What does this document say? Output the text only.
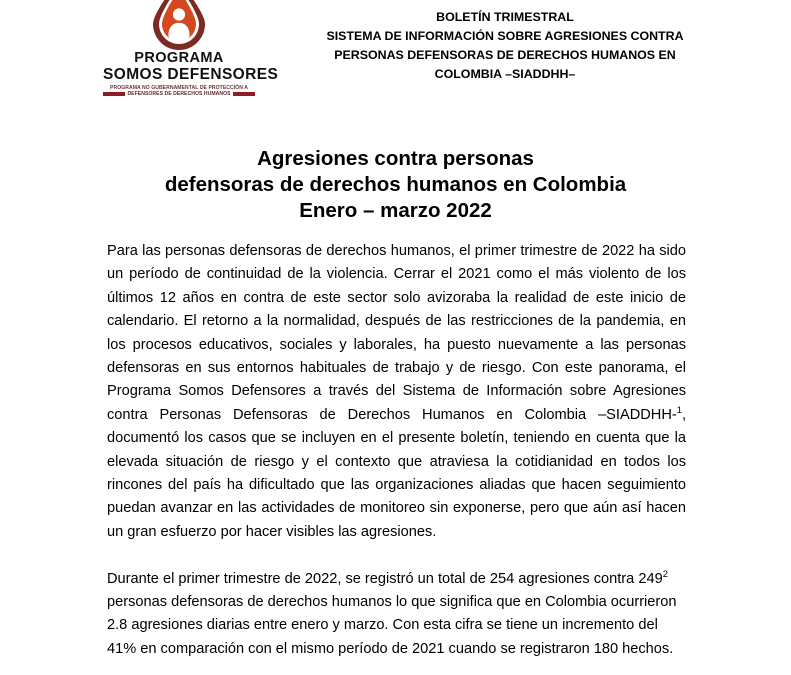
PROGRAMA
SOMOS DEFENSORES
PROGRAMA NO GUBERNAMENTAL DE PROTECCIÓN A
DEFENSORES DE DERECHOS HUMANOS
BOLETÍN TRIMESTRAL
SISTEMA DE INFORMACIÓN SOBRE AGRESIONES CONTRA
PERSONAS DEFENSORAS DE DERECHOS HUMANOS EN
COLOMBIA –SIADDHH–
Agresiones contra personas
defensoras de derechos humanos en Colombia
Enero – marzo 2022

Para las personas defensoras de derechos humanos, el primer trimestre de 2022 ha sido un período de continuidad de la violencia. Cerrar el 2021 como el más violento de los últimos 12 años en contra de este sector solo avizoraba la realidad de este inicio de calendario. El retorno a la normalidad, después de las restricciones de la pandemia, en los procesos educativos, sociales y laborales, ha puesto nuevamente a las personas defensoras en sus entornos habituales de trabajo y de riesgo. Con este panorama, el Programa Somos Defensores a través del Sistema de Información sobre Agresiones contra Personas Defensoras de Derechos Humanos en Colombia –SIADDHH-$^1$, documentó los casos que se incluyen en el presente boletín, teniendo en cuenta que la elevada situación de riesgo y el contexto que atraviesa la cotidianidad en todos los rincones del país ha dificultado que las organizaciones aliadas que hacen seguimiento puedan avanzar en las actividades de monitoreo sin exponerse, pero que aún así hacen un gran esfuerzo por hacer visibles las agresiones.

Durante el primer trimestre de 2022, se registró un total de 254 agresiones contra $249^2$ personas defensoras de derechos humanos lo que significa que en Colombia ocurrieron 2.8 agresiones diarias entre enero y marzo. Con esta cifra se tiene un incremento del 41% en comparación con el mismo período de 2021 cuando se registraron 180 hechos.
